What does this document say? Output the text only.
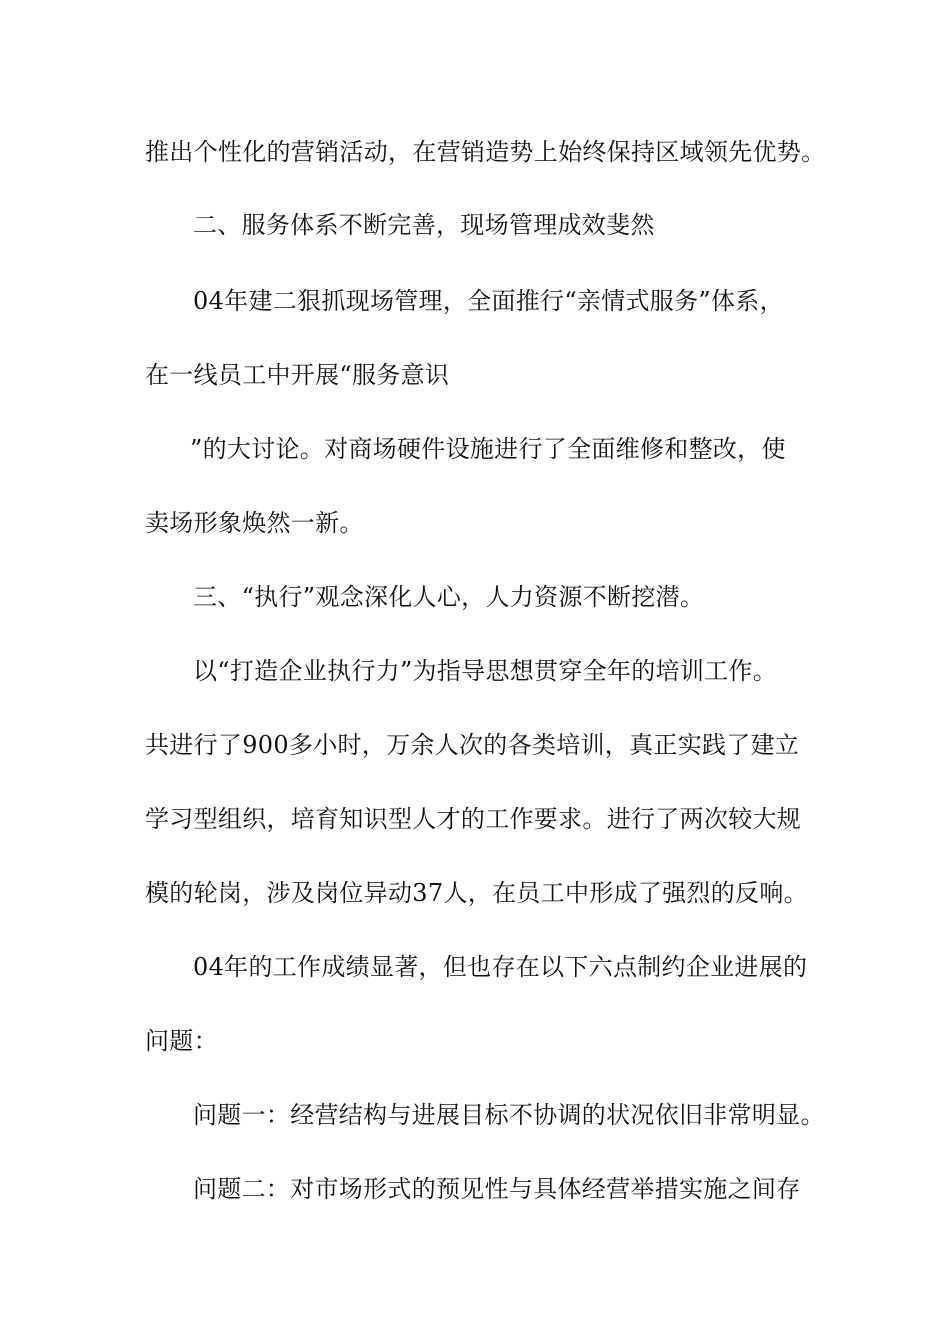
推出个性化的营销活动，在营销造势上始终保持区域领先优势。
二、服务体系不断完善，现场管理成效斐然
04年建二狠抓现场管理，全面推行“亲情式服务”体系，
在一线员工中开展“服务意识
”的大讨论。对商场硬件设施进行了全面维修和整改，使
卖场形象焕然一新。
三、“执行”观念深化人心，人力资源不断挖潜。
以“打造企业执行力”为指导思想贯穿全年的培训工作。
共进行了900多小时，万余人次的各类培训，真正实践了建立
学习型组织，培育知识型人才的工作要求。进行了两次较大规
模的轮岗，涉及岗位异动37人，在员工中形成了强烈的反响。
04年的工作成绩显著，但也存在以下六点制约企业进展的
问题：
问题一：经营结构与进展目标不协调的状况依旧非常明显。
问题二：对市场形式的预见性与具体经营举措实施之间存
